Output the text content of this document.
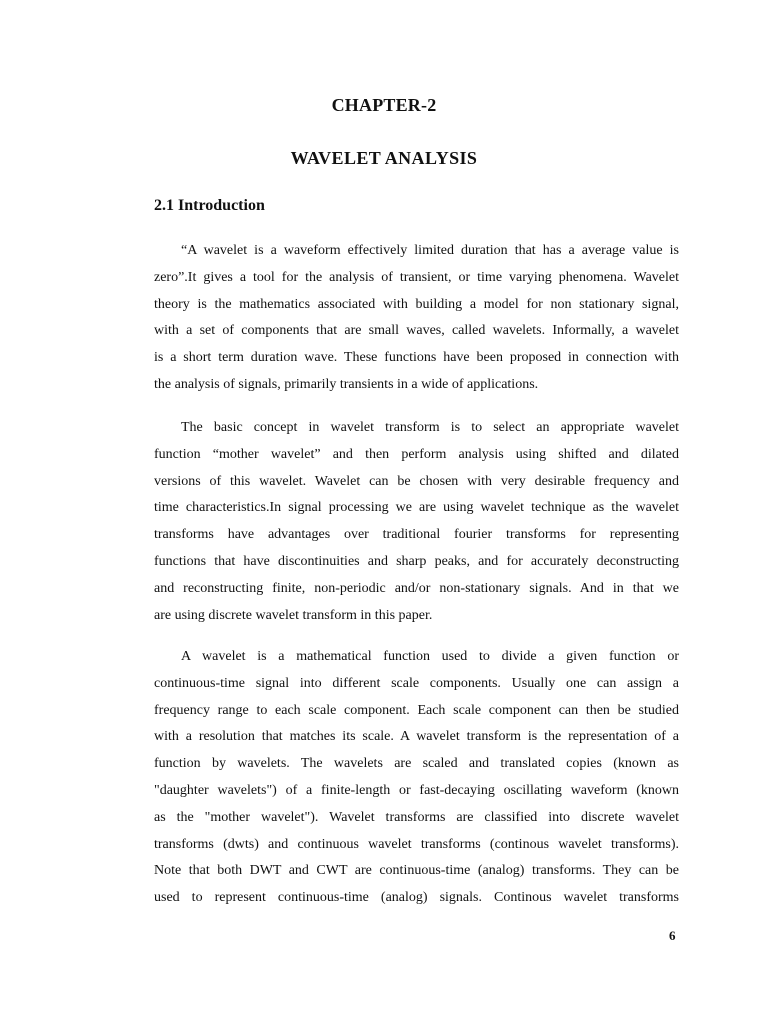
CHAPTER-2
WAVELET ANALYSIS
2.1 Introduction

“A wavelet is a waveform effectively limited duration that has a average value is
zero”.It gives a tool for the analysis of transient, or time varying phenomena. Wavelet
theory is the mathematics associated with building a model for non stationary signal,
with a set of components that are small waves, called wavelets. Informally, a wavelet
is a short term duration wave. These functions have been proposed in connection with
the analysis of signals, primarily transients in a wide of applications.

The basic concept in wavelet transform is to select an appropriate wavelet
function “mother wavelet” and then perform analysis using shifted and dilated
versions of this wavelet. Wavelet can be chosen with very desirable frequency and
time characteristics.In signal processing we are using wavelet technique as the wavelet
transforms have advantages over traditional fourier transforms for representing
functions that have discontinuities and sharp peaks, and for accurately deconstructing
and reconstructing finite, non-periodic and/or non-stationary signals. And in that we
are using discrete wavelet transform in this paper.

A wavelet is a mathematical function used to divide a given function or
continuous-time signal into different scale components. Usually one can assign a
frequency range to each scale component. Each scale component can then be studied
with a resolution that matches its scale. A wavelet transform is the representation of a
function by wavelets. The wavelets are scaled and translated copies (known as
"daughter wavelets") of a finite-length or fast-decaying oscillating waveform (known
as the "mother wavelet"). Wavelet transforms are classified into discrete wavelet
transforms (dwts) and continuous wavelet transforms (continous wavelet transforms).
Note that both DWT and CWT are continuous-time (analog) transforms. They can be
used to represent continuous-time (analog) signals. Continous wavelet transforms

6
